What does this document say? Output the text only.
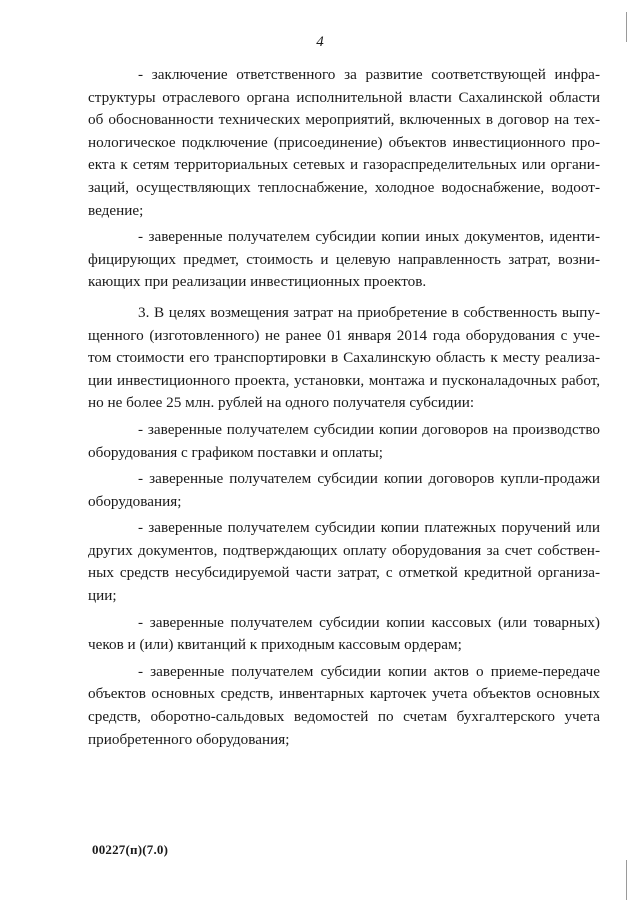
4

- заключение ответственного за развитие соответствующей инфраструктуры отраслевого органа исполнительной власти Сахалинской области об обоснованности технических мероприятий, включенных в договор на технологическое подключение (присоединение) объектов инвестиционного проекта к сетям территориальных сетевых и газораспределительных или организаций, осуществляющих теплоснабжение, холодное водоснабжение, водоотведение;

- заверенные получателем субсидии копии иных документов, идентифицирующих предмет, стоимость и целевую направленность затрат, возникающих при реализации инвестиционных проектов.

3. В целях возмещения затрат на приобретение в собственность выпущенного (изготовленного) не ранее 01 января 2014 года оборудования с учетом стоимости его транспортировки в Сахалинскую область к месту реализации инвестиционного проекта, установки, монтажа и пусконаладочных работ, но не более 25 млн. рублей на одного получателя субсидии:

- заверенные получателем субсидии копии договоров на производство оборудования с графиком поставки и оплаты;

- заверенные получателем субсидии копии договоров купли-продажи оборудования;

- заверенные получателем субсидии копии платежных поручений или других документов, подтверждающих оплату оборудования за счет собственных средств несубсидируемой части затрат, с отметкой кредитной организации;

- заверенные получателем субсидии копии кассовых (или товарных) чеков и (или) квитанций к приходным кассовым ордерам;

- заверенные получателем субсидии копии актов о приеме-передаче объектов основных средств, инвентарных карточек учета объектов основных средств, оборотно-сальдовых ведомостей по счетам бухгалтерского учета приобретенного оборудования;

00227(п)(7.0)
